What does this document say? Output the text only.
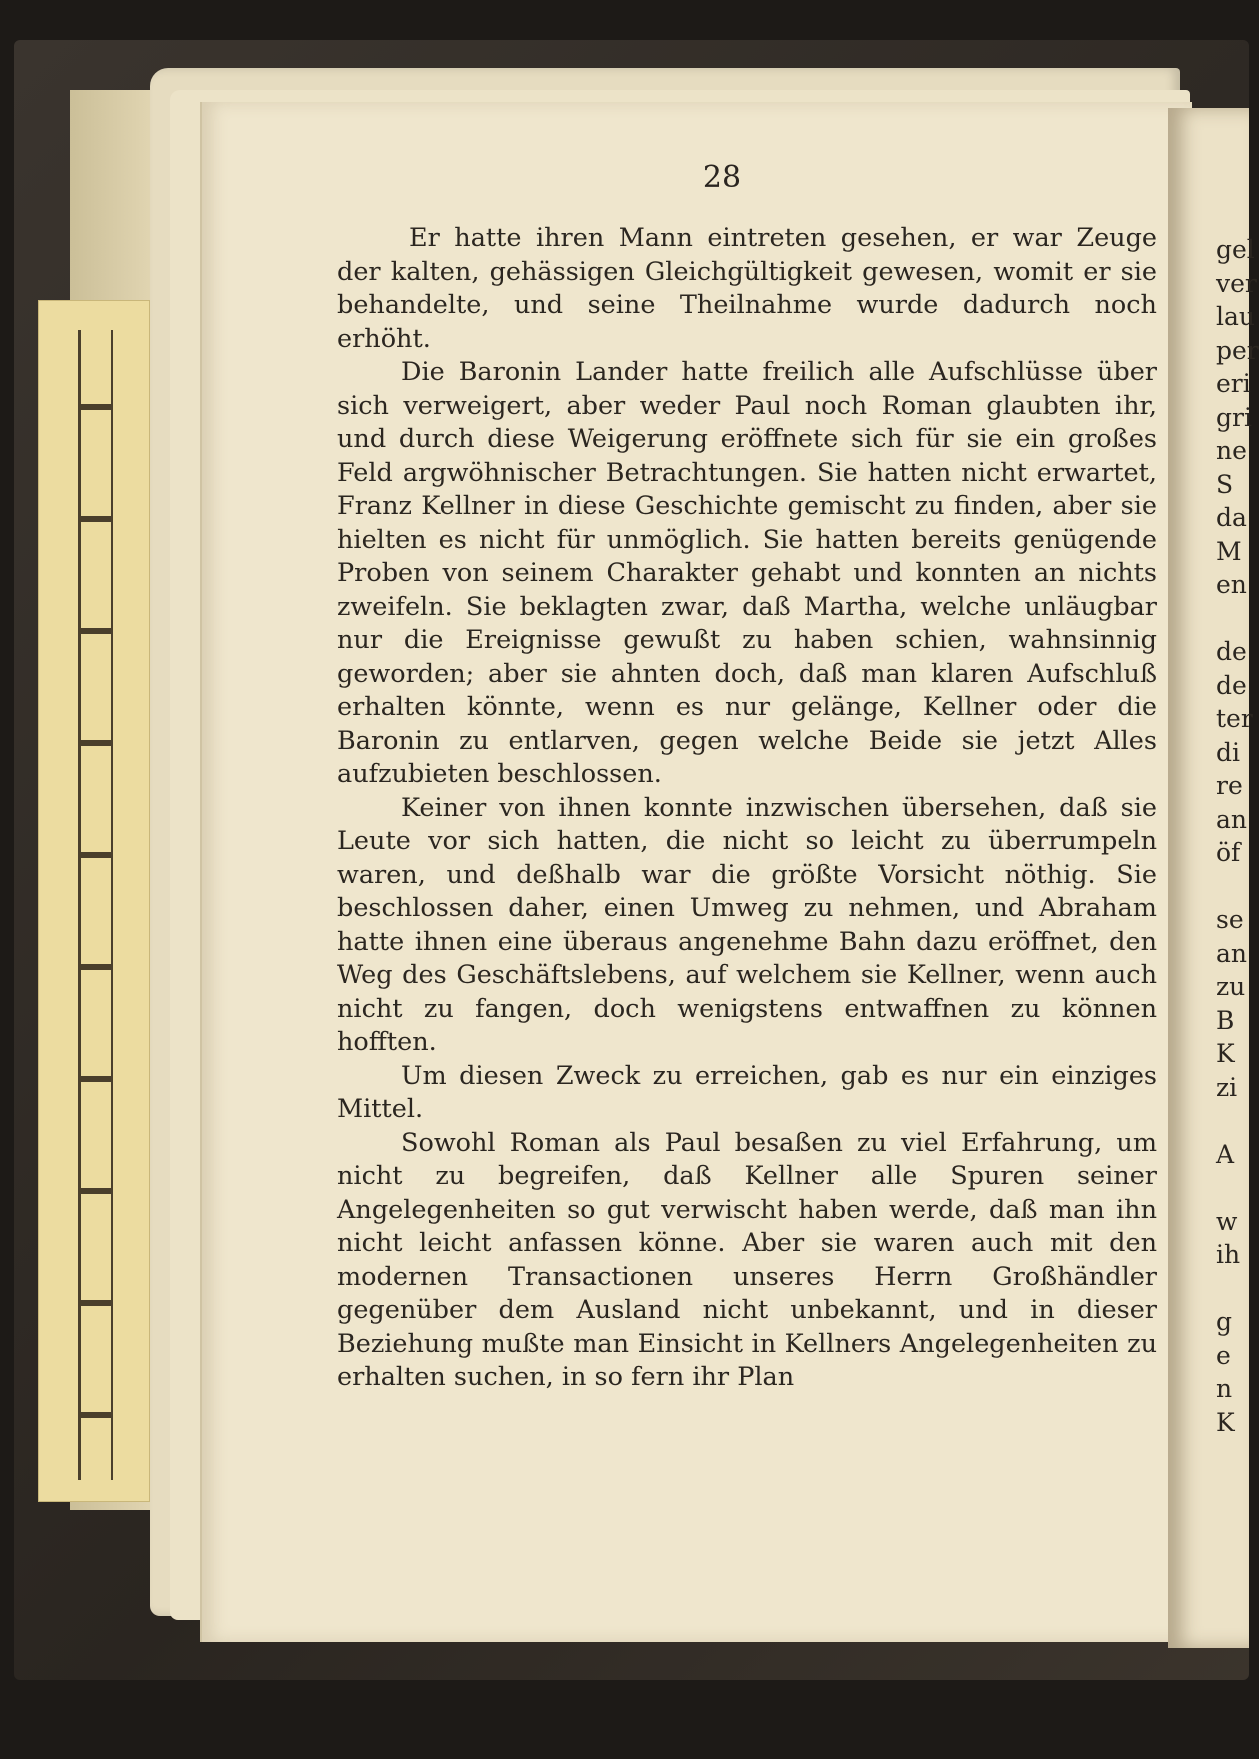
28

Er hatte ihren Mann eintreten gesehen, er war Zeuge der kalten, gehässigen Gleichgültigkeit gewesen, womit er sie behandelte, und seine Theilnahme wurde dadurch noch erhöht.

Die Baronin Lander hatte freilich alle Aufschlüsse über sich verweigert, aber weder Paul noch Roman glaubten ihr, und durch diese Weigerung eröffnete sich für sie ein großes Feld argwöhnischer Betrachtungen. Sie hatten nicht erwartet, Franz Kellner in diese Geschichte gemischt zu finden, aber sie hielten es nicht für unmöglich. Sie hatten bereits genügende Proben von seinem Charakter gehabt und konnten an nichts zweifeln. Sie beklagten zwar, daß Martha, welche unläugbar nur die Ereignisse gewußt zu haben schien, wahnsinnig geworden; aber sie ahnten doch, daß man klaren Aufschluß erhalten könnte, wenn es nur gelänge, Kellner oder die Baronin zu entlarven, gegen welche Beide sie jetzt Alles aufzubieten beschlossen.

Keiner von ihnen konnte inzwischen übersehen, daß sie Leute vor sich hatten, die nicht so leicht zu überrumpeln waren, und deßhalb war die größte Vorsicht nöthig. Sie beschlossen daher, einen Umweg zu nehmen, und Abraham hatte ihnen eine überaus angenehme Bahn dazu eröffnet, den Weg des Geschäftslebens, auf welchem sie Kellner, wenn auch nicht zu fangen, doch wenigstens entwaffnen zu können hofften.

Um diesen Zweck zu erreichen, gab es nur ein einziges Mittel.

Sowohl Roman als Paul besaßen zu viel Erfahrung, um nicht zu begreifen, daß Kellner alle Spuren seiner Angelegenheiten so gut verwischt haben werde, daß man ihn nicht leicht anfassen könne. Aber sie waren auch mit den modernen Transactionen unseres Herrn Großhändler gegenüber dem Ausland nicht unbekannt, und in dieser Beziehung mußte man Einsicht in Kellners Angelegenheiten zu erhalten suchen, in so fern ihr Plan

gel
ver
lau
per
eri
gri
ne
S
da
M
en
de
de
ter
di
re
an
öf
se
an
zu
B
K
zi
A
w
ih
g
e
n
K
